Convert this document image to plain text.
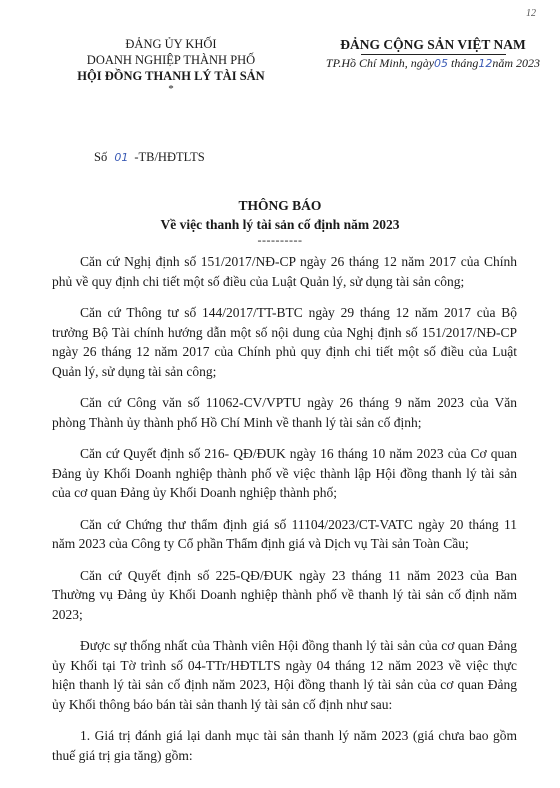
12
ĐẢNG ỦY KHỐI
DOANH NGHIỆP THÀNH PHỐ
HỘI ĐỒNG THANH LÝ TÀI SẢN
*
ĐẢNG CỘNG SẢN VIỆT NAM
TP.Hồ Chí Minh, ngày05 tháng12năm 2023
Số 01 -TB/HĐTLTS
THÔNG BÁO
Về việc thanh lý tài sản cố định năm 2023
----------

Căn cứ Nghị định số 151/2017/NĐ-CP ngày 26 tháng 12 năm 2017 của Chính phủ về quy định chi tiết một số điều của Luật Quản lý, sử dụng tài sản công;

Căn cứ Thông tư số 144/2017/TT-BTC ngày 29 tháng 12 năm 2017 của Bộ trưởng Bộ Tài chính hướng dẫn một số nội dung của Nghị định số 151/2017/NĐ-CP ngày 26 tháng 12 năm 2017 của Chính phủ quy định chi tiết một số điều của Luật Quản lý, sử dụng tài sản công;

Căn cứ Công văn số 11062-CV/VPTU ngày 26 tháng 9 năm 2023 của Văn phòng Thành ủy thành phố Hồ Chí Minh về thanh lý tài sản cố định;

Căn cứ Quyết định số 216- QĐ/ĐUK ngày 16 tháng 10 năm 2023 của Cơ quan Đảng ủy Khối Doanh nghiệp thành phố về việc thành lập Hội đồng thanh lý tài sản của cơ quan Đảng ủy Khối Doanh nghiệp thành phố;

Căn cứ Chứng thư thẩm định giá số 11104/2023/CT-VATC ngày 20 tháng 11 năm 2023 của Công ty Cổ phần Thẩm định giá và Dịch vụ Tài sản Toàn Cầu;

Căn cứ Quyết định số 225-QĐ/ĐUK ngày 23 tháng 11 năm 2023 của Ban Thường vụ Đảng ủy Khối Doanh nghiệp thành phố về thanh lý tài sản cố định năm 2023;

Được sự thống nhất của Thành viên Hội đồng thanh lý tài sản của cơ quan Đảng ủy Khối tại Tờ trình số 04-TTr/HĐTLTS ngày 04 tháng 12 năm 2023 về việc thực hiện thanh lý tài sản cố định năm 2023, Hội đồng thanh lý tài sản của cơ quan Đảng ủy Khối thông báo bán tài sản thanh lý tài sản cố định như sau:

1. Giá trị đánh giá lại danh mục tài sản thanh lý năm 2023 (giá chưa bao gồm thuế giá trị gia tăng) gồm:
